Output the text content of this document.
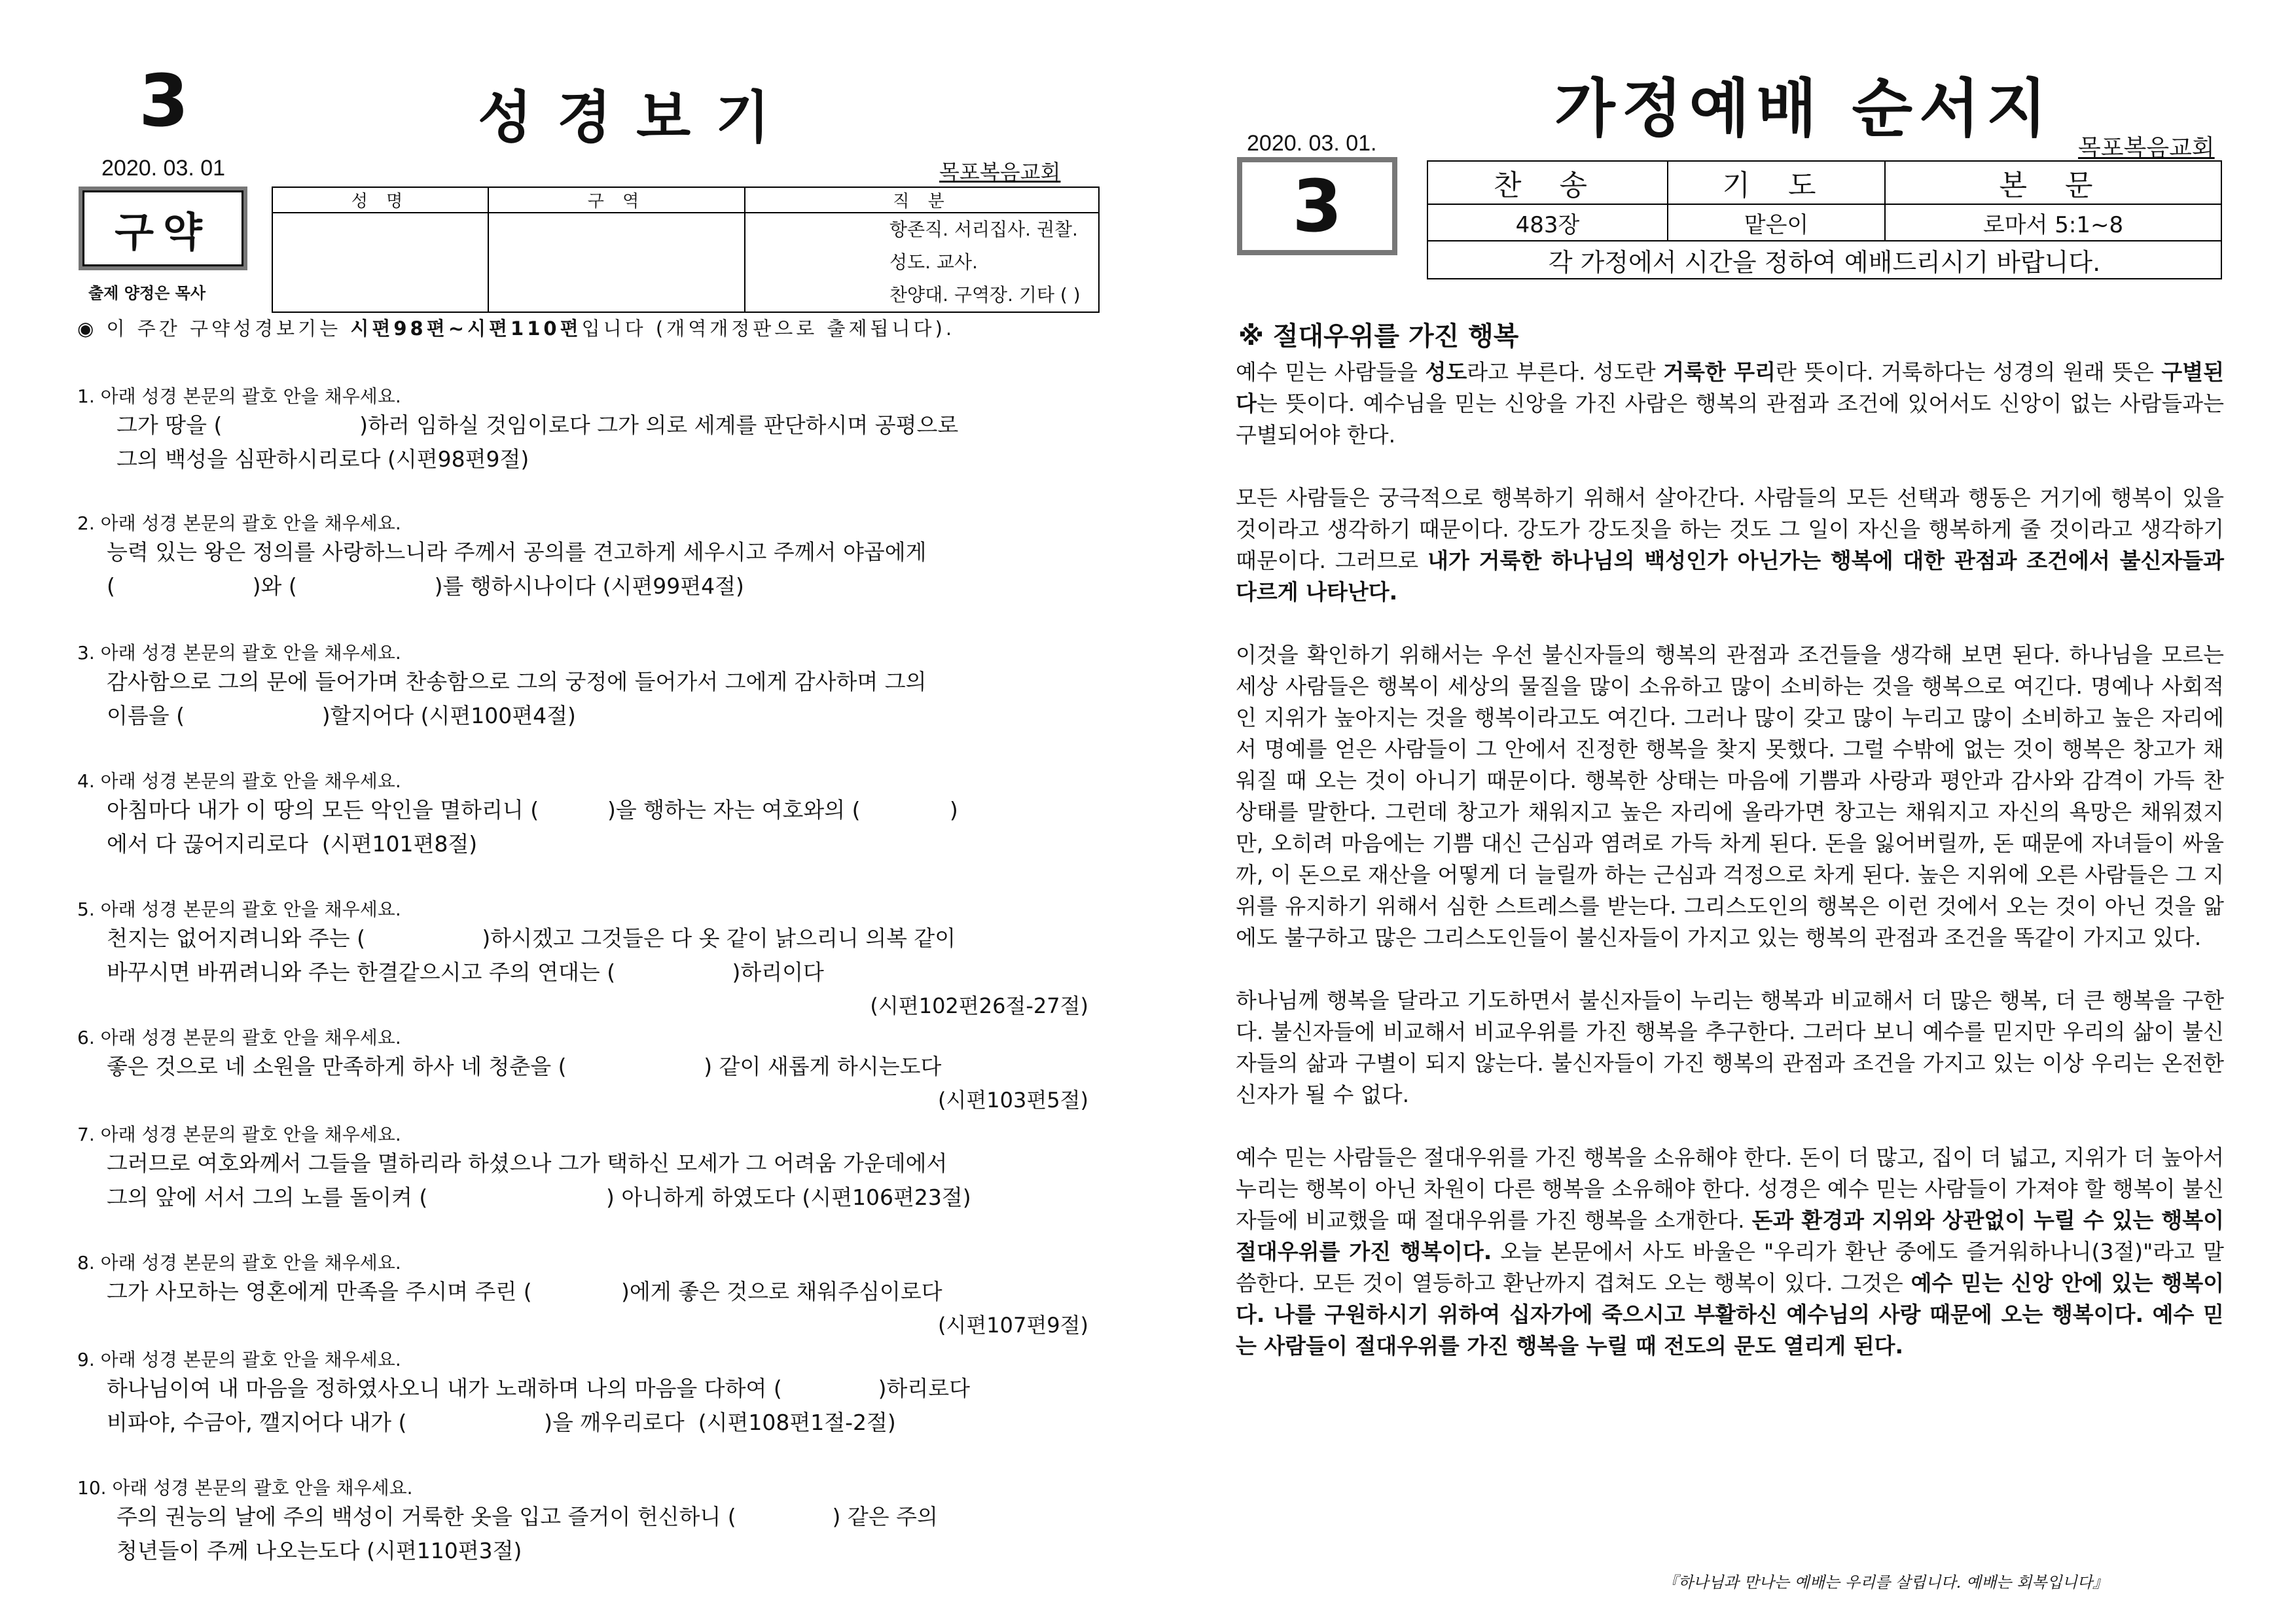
3	성경보기
2020. 03. 01	목포복음교회
구약
출제 양정은 목사
성 명	구 역	직 분

		항존직. 서리집사. 권찰. 성도. 교사.
찬양대. 구역장. 기타 ( )
◉ 이 주간 구약성경보기는 시편98편~시편110편입니다 (개역개정판으로 출제됩니다).
1. 아래 성경 본문의 괄호 안을 채우세요.
그가 땅을 (                    )하러 임하실 것임이로다 그가 의로 세계를 판단하시며 공평으로
그의 백성을 심판하시리로다 (시편98편9절)
2. 아래 성경 본문의 괄호 안을 채우세요.
능력 있는 왕은 정의를 사랑하느니라 주께서 공의를 견고하게 세우시고 주께서 야곱에게
(                    )와 (                    )를 행하시나이다 (시편99편4절)
3. 아래 성경 본문의 괄호 안을 채우세요.
감사함으로 그의 문에 들어가며 찬송함으로 그의 궁정에 들어가서 그에게 감사하며 그의
이름을 (                    )할지어다 (시편100편4절)
4. 아래 성경 본문의 괄호 안을 채우세요.
아침마다 내가 이 땅의 모든 악인을 멸하리니 (          )을 행하는 자는 여호와의 (             )
에서 다 끊어지리로다  (시편101편8절)
5. 아래 성경 본문의 괄호 안을 채우세요.
천지는 없어지려니와 주는 (                 )하시겠고 그것들은 다 옷 같이 낡으리니 의복 같이
바꾸시면 바뀌려니와 주는 한결같으시고 주의 연대는 (                 )하리이다
(시편102편26절-27절)
6. 아래 성경 본문의 괄호 안을 채우세요.
좋은 것으로 네 소원을 만족하게 하사 네 청춘을 (                    ) 같이 새롭게 하시는도다
(시편103편5절)
7. 아래 성경 본문의 괄호 안을 채우세요.
그러므로 여호와께서 그들을 멸하리라 하셨으나 그가 택하신 모세가 그 어려움 가운데에서
그의 앞에 서서 그의 노를 돌이켜 (                          ) 아니하게 하였도다 (시편106편23절)
8. 아래 성경 본문의 괄호 안을 채우세요.
그가 사모하는 영혼에게 만족을 주시며 주린 (             )에게 좋은 것으로 채워주심이로다
(시편107편9절)
9. 아래 성경 본문의 괄호 안을 채우세요.
하나님이여 내 마음을 정하였사오니 내가 노래하며 나의 마음을 다하여 (              )하리로다
비파야, 수금아, 깰지어다 내가 (                    )을 깨우리로다  (시편108편1절-2절)
10. 아래 성경 본문의 괄호 안을 채우세요.
주의 권능의 날에 주의 백성이 거룩한 옷을 입고 즐거이 헌신하니 (              ) 같은 주의
청년들이 주께 나오는도다 (시편110편3절)
가정예배 순서지
2020. 03. 01.	목포복음교회
3	찬 송	기 도	본 문
483장	맡은이	로마서 5:1~8
각 가정에서 시간을 정하여 예배드리시기 바랍니다.		
※ 절대우위를 가진 행복
예수 믿는 사람들을 성도라고 부른다. 성도란 거룩한 무리란 뜻이다. 거룩하다는 성경의 원래 뜻은 구별된다는 뜻이다. 예수님을 믿는 신앙을 가진 사람은 행복의 관점과 조건에 있어서도 신앙이 없는 사람들과는 구별되어야 한다.
모든 사람들은 궁극적으로 행복하기 위해서 살아간다. 사람들의 모든 선택과 행동은 거기에 행복이 있을 것이라고 생각하기 때문이다. 강도가 강도짓을 하는 것도 그 일이 자신을 행복하게 줄 것이라고 생각하기 때문이다. 그러므로 내가 거룩한 하나님의 백성인가 아닌가는 행복에 대한 관점과 조건에서 불신자들과 다르게 나타난다.
이것을 확인하기 위해서는 우선 불신자들의 행복의 관점과 조건들을 생각해 보면 된다. 하나님을 모르는 세상 사람들은 행복이 세상의 물질을 많이 소유하고 많이 소비하는 것을 행복으로 여긴다. 명예나 사회적인 지위가 높아지는 것을 행복이라고도 여긴다. 그러나 많이 갖고 많이 누리고 많이 소비하고 높은 자리에서 명예를 얻은 사람들이 그 안에서 진정한 행복을 찾지 못했다. 그럴 수밖에 없는 것이 행복은 창고가 채워질 때 오는 것이 아니기 때문이다. 행복한 상태는 마음에 기쁨과 사랑과 평안과 감사와 감격이 가득 찬 상태를 말한다. 그런데 창고가 채워지고 높은 자리에 올라가면 창고는 채워지고 자신의 욕망은 채워졌지만, 오히려 마음에는 기쁨 대신 근심과 염려로 가득 차게 된다. 돈을 잃어버릴까, 돈 때문에 자녀들이 싸울까, 이 돈으로 재산을 어떻게 더 늘릴까 하는 근심과 걱정으로 차게 된다. 높은 지위에 오른 사람들은 그 지위를 유지하기 위해서 심한 스트레스를 받는다. 그리스도인의 행복은 이런 것에서 오는 것이 아닌 것을 앎에도 불구하고 많은 그리스도인들이 불신자들이 가지고 있는 행복의 관점과 조건을 똑같이 가지고 있다.
하나님께 행복을 달라고 기도하면서 불신자들이 누리는 행복과 비교해서 더 많은 행복, 더 큰 행복을 구한다. 불신자들에 비교해서 비교우위를 가진 행복을 추구한다. 그러다 보니 예수를 믿지만 우리의 삶이 불신자들의 삶과 구별이 되지 않는다. 불신자들이 가진 행복의 관점과 조건을 가지고 있는 이상 우리는 온전한 신자가 될 수 없다.
예수 믿는 사람들은 절대우위를 가진 행복을 소유해야 한다. 돈이 더 많고, 집이 더 넓고, 지위가 더 높아서 누리는 행복이 아닌 차원이 다른 행복을 소유해야 한다. 성경은 예수 믿는 사람들이 가져야 할 행복이 불신자들에 비교했을 때 절대우위를 가진 행복을 소개한다. 돈과 환경과 지위와 상관없이 누릴 수 있는 행복이 절대우위를 가진 행복이다. 오늘 본문에서 사도 바울은 "우리가 환난 중에도 즐거워하나니(3절)"라고 말씀한다. 모든 것이 열등하고 환난까지 겹쳐도 오는 행복이 있다. 그것은 예수 믿는 신앙 안에 있는 행복이다. 나를 구원하시기 위하여 십자가에 죽으시고 부활하신 예수님의 사랑 때문에 오는 행복이다. 예수 믿는 사람들이 절대우위를 가진 행복을 누릴 때 전도의 문도 열리게 된다.
『하나님과 만나는 예배는 우리를 살립니다. 예배는 회복입니다』
